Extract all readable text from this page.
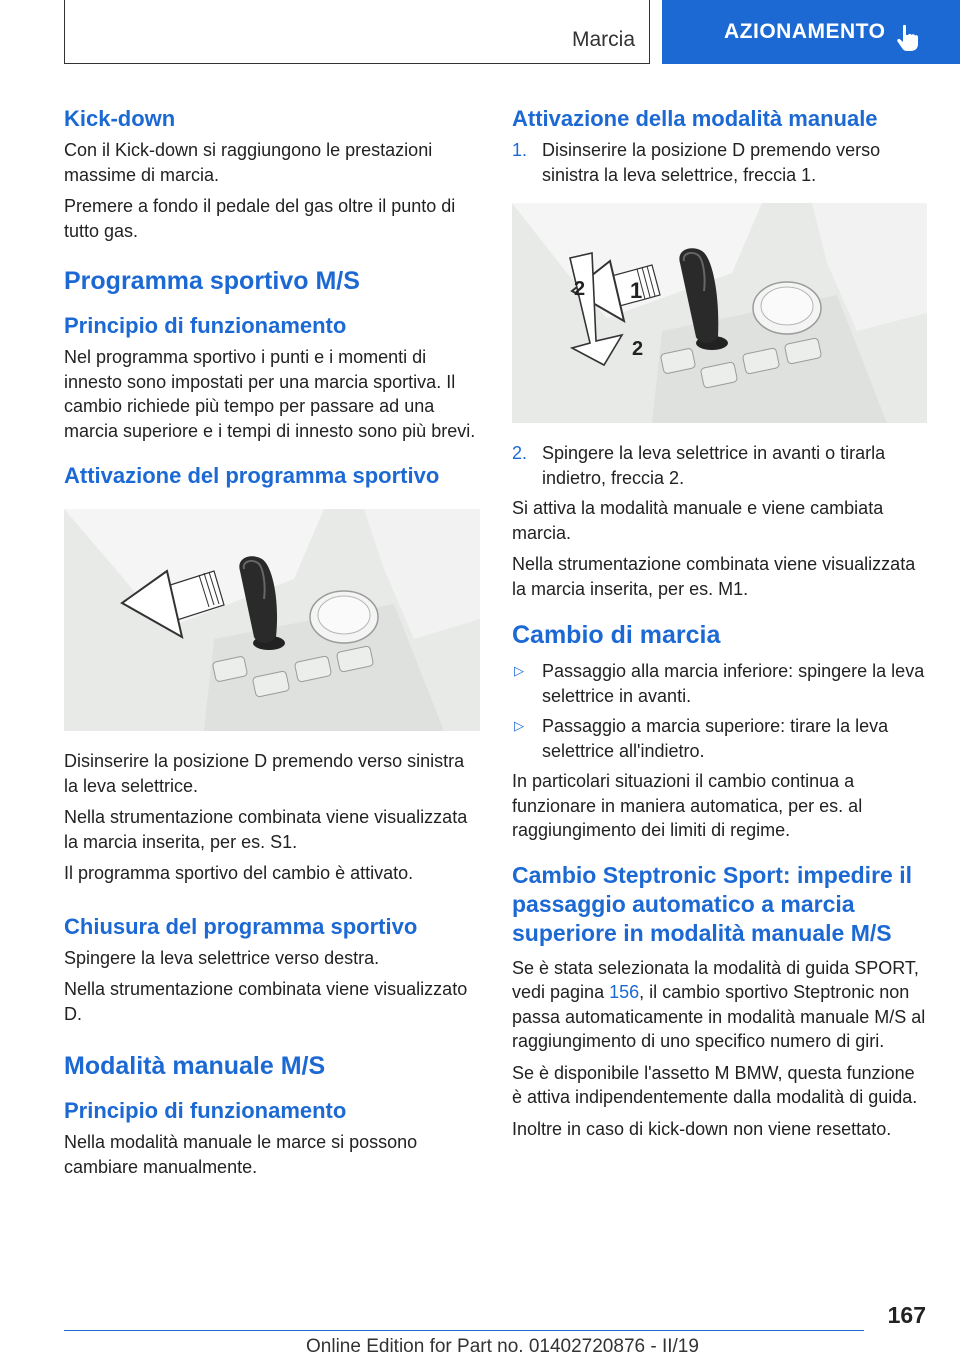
Marcia	AZIONAMENTO
Kick-down

Con il Kick-down si raggiungono le prestazioni massime di marcia.

Premere a fondo il pedale del gas oltre il punto di tutto gas.

Programma sportivo M/S
Principio di funzionamento

Nel programma sportivo i punti e i momenti di innesto sono impostati per una marcia sportiva. Il cambio richiede più tempo per passare ad una marcia superiore e i tempi di innesto sono più brevi.

Attivazione del programma sportivo

Disinserire la posizione D premendo verso sinistra la leva selettrice.

Nella strumentazione combinata viene visualizzata la marcia inserita, per es. S1.

Il programma sportivo del cambio è attivato.

Chiusura del programma sportivo

Spingere la leva selettrice verso destra.

Nella strumentazione combinata viene visualizzato D.

Modalità manuale M/S
Principio di funzionamento

Nella modalità manuale le marce si possono cambiare manualmente.

Attivazione della modalità manuale
1. Disinserire la posizione D premendo verso sinistra la leva selettrice, freccia 1.
2 1
2
2. Spingere la leva selettrice in avanti o tirarla indietro, freccia 2.

Si attiva la modalità manuale e viene cambiata marcia.

Nella strumentazione combinata viene visualizzata la marcia inserita, per es. M1.

Cambio di marcia
▷	Passaggio alla marcia inferiore: spingere la leva selettrice in avanti.
▷	Passaggio a marcia superiore: tirare la leva selettrice all'indietro.

In particolari situazioni il cambio continua a funzionare in maniera automatica, per es. al raggiungimento dei limiti di regime.

Cambio Steptronic Sport: impedire il passaggio automatico a marcia superiore in modalità manuale M/S

Se è stata selezionata la modalità di guida SPORT, vedi pagina 156, il cambio sportivo Steptronic non passa automaticamente in modalità manuale M/S al raggiungimento di uno specifico numero di giri.

Se è disponibile l'assetto M BMW, questa funzione è attiva indipendentemente dalla modalità di guida.

Inoltre in caso di kick-down non viene resettato.

167
Online Edition for Part no. 01402720876 - II/19
